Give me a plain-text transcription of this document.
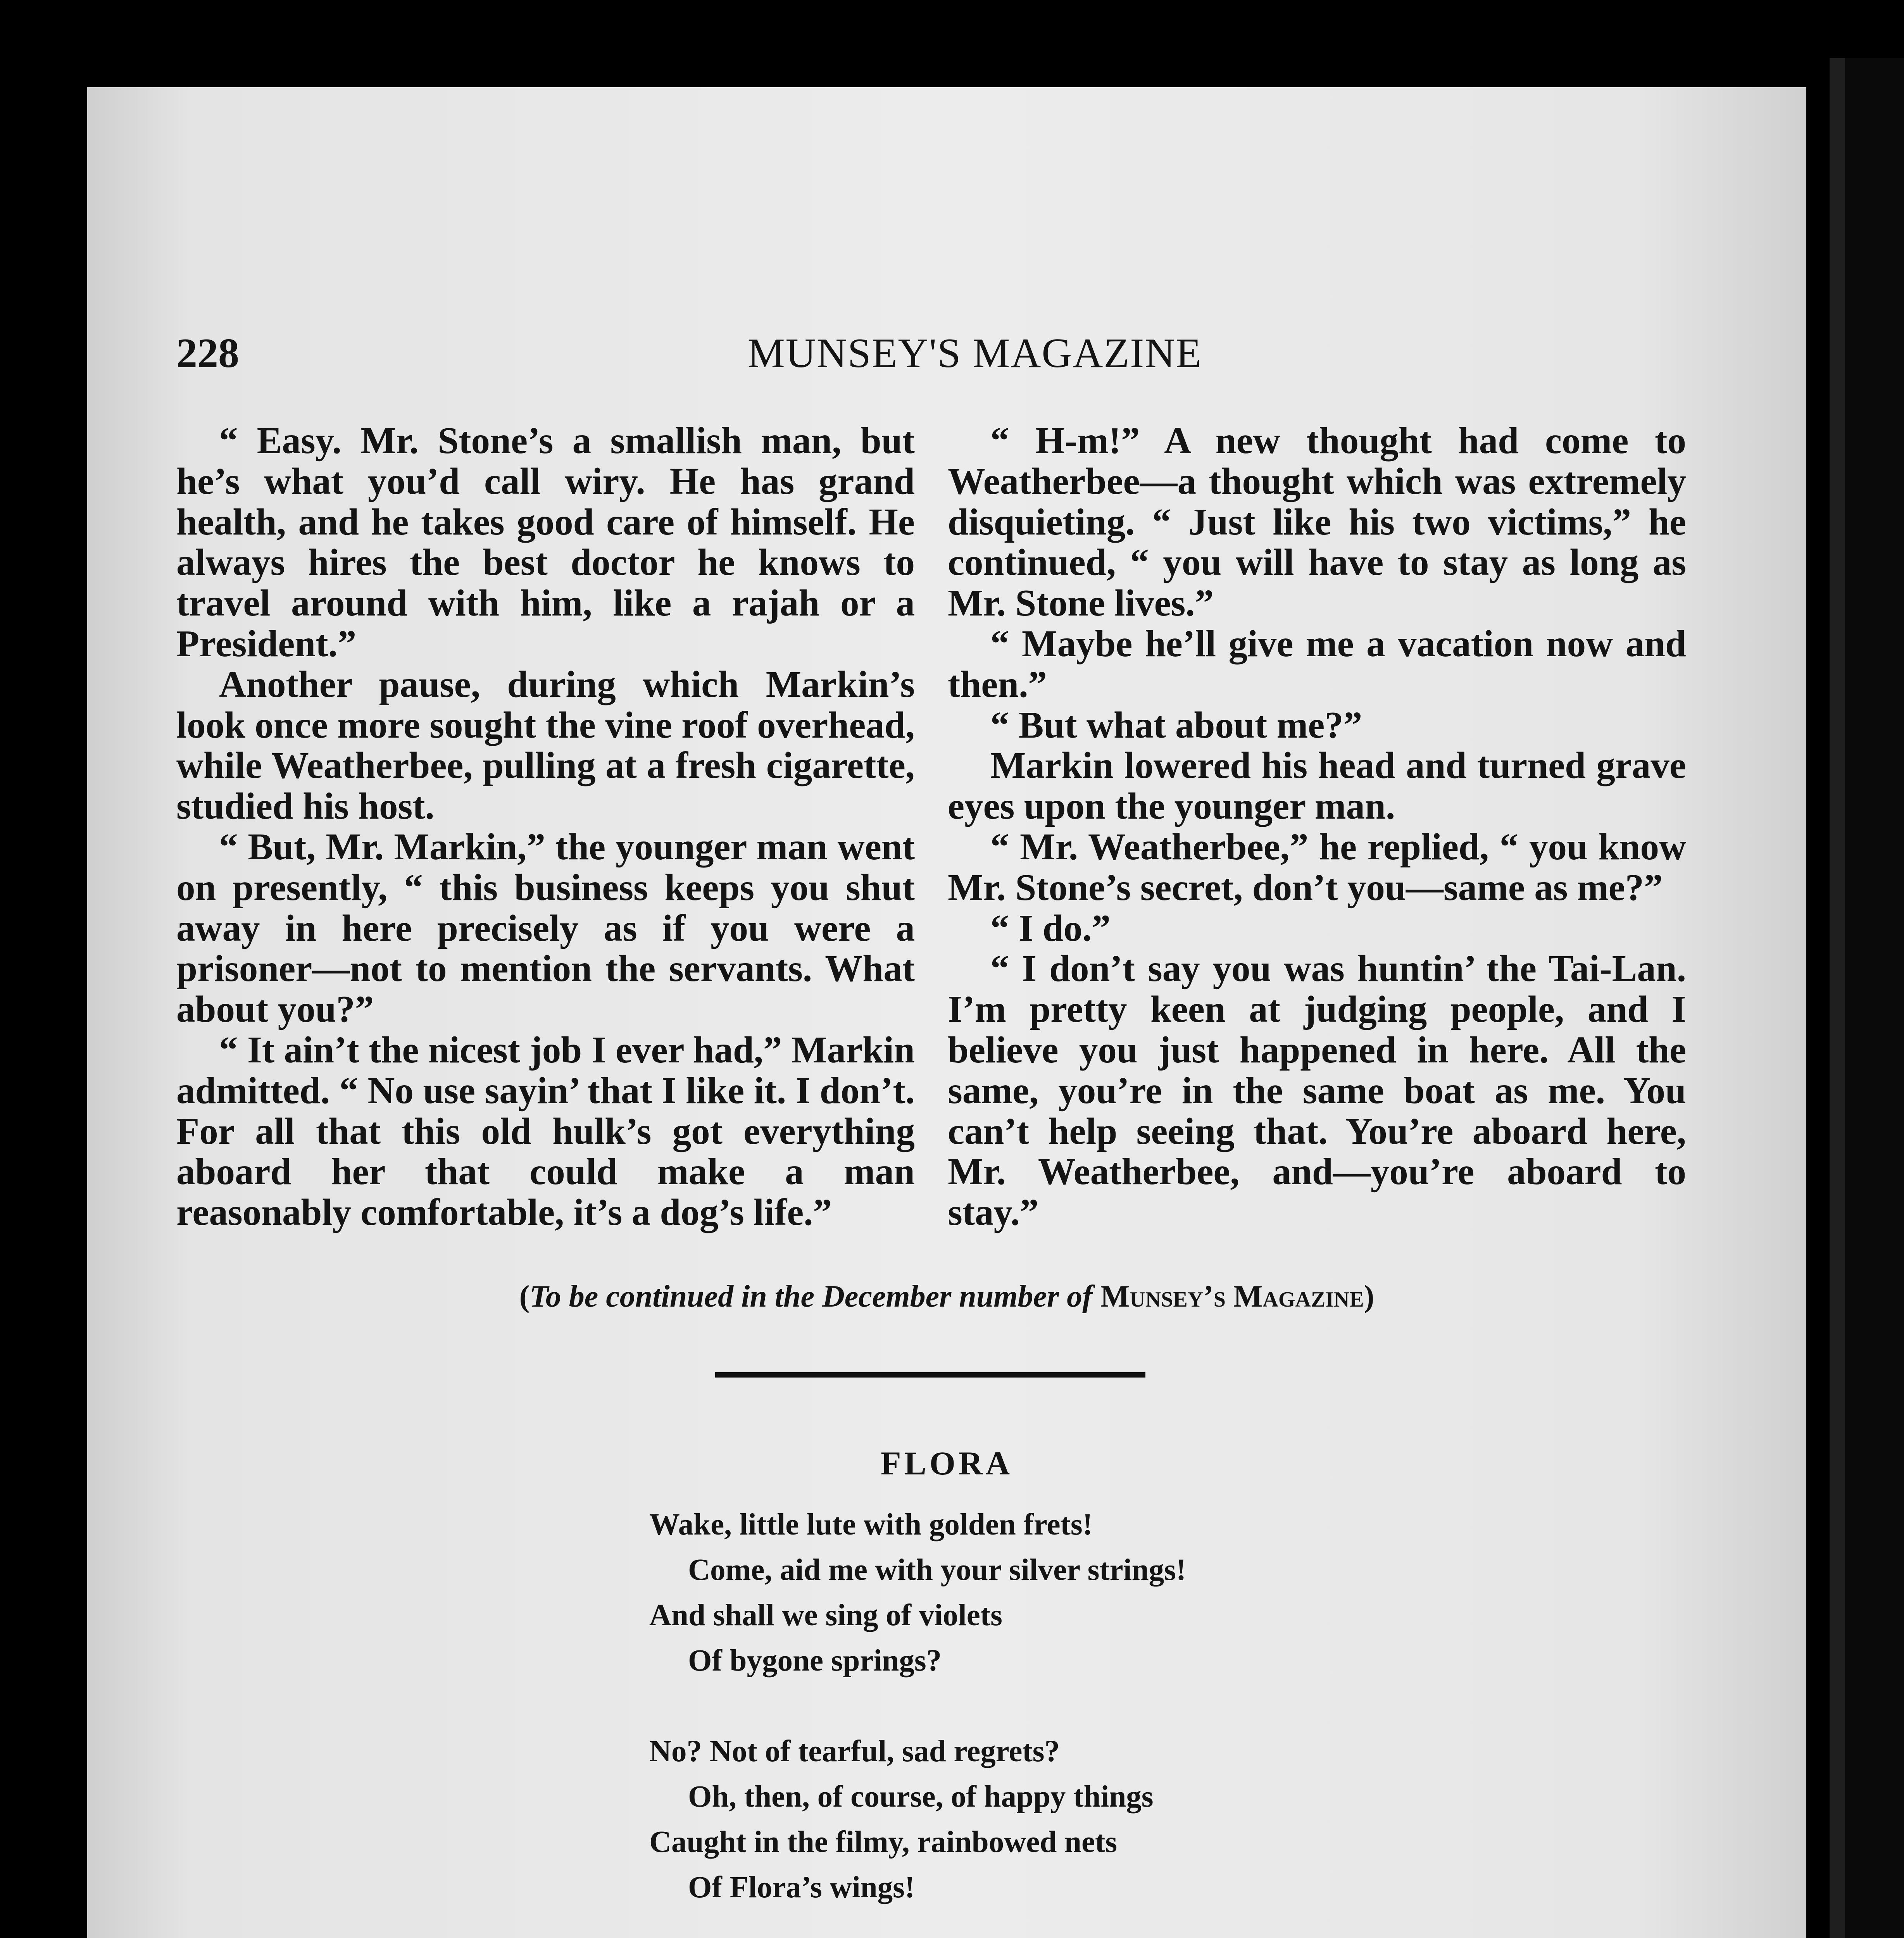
MUNSEY'S MAGAZINE
228

“ Easy. Mr. Stone’s a smallish man, but he’s what you’d call wiry. He has grand health, and he takes good care of himself. He always hires the best doctor he knows to travel around with him, like a rajah or a President.”

Another pause, during which Markin’s look once more sought the vine roof overhead, while Weatherbee, pulling at a fresh cigarette, studied his host.

“ But, Mr. Markin,” the younger man went on presently, “ this business keeps you shut away in here precisely as if you were a prisoner—not to mention the servants. What about you?”

“ It ain’t the nicest job I ever had,” Markin admitted. “ No use sayin’ that I like it. I don’t. For all that this old hulk’s got everything aboard her that could make a man reasonably comfortable, it’s a dog’s life.”

“ H-m!” A new thought had come to Weatherbee—a thought which was extremely disquieting. “ Just like his two victims,” he continued, “ you will have to stay as long as Mr. Stone lives.”

“ Maybe he’ll give me a vacation now and then.”

“ But what about me?”

Markin lowered his head and turned grave eyes upon the younger man.

“ Mr. Weatherbee,” he replied, “ you know Mr. Stone’s secret, don’t you—same as me?”

“ I do.”

“ I don’t say you was huntin’ the Tai-Lan. I’m pretty keen at judging people, and I believe you just happened in here. All the same, you’re in the same boat as me. You can’t help seeing that. You’re aboard here, Mr. Weatherbee, and—you’re aboard to stay.”

(To be continued in the December number of Munsey’s Magazine)
FLORA
Wake, little lute with golden frets!
Come, aid me with your silver strings!
And shall we sing of violets
Of bygone springs?
No? Not of tearful, sad regrets?
Oh, then, of course, of happy things
Caught in the filmy, rainbowed nets
Of Flora’s wings!
